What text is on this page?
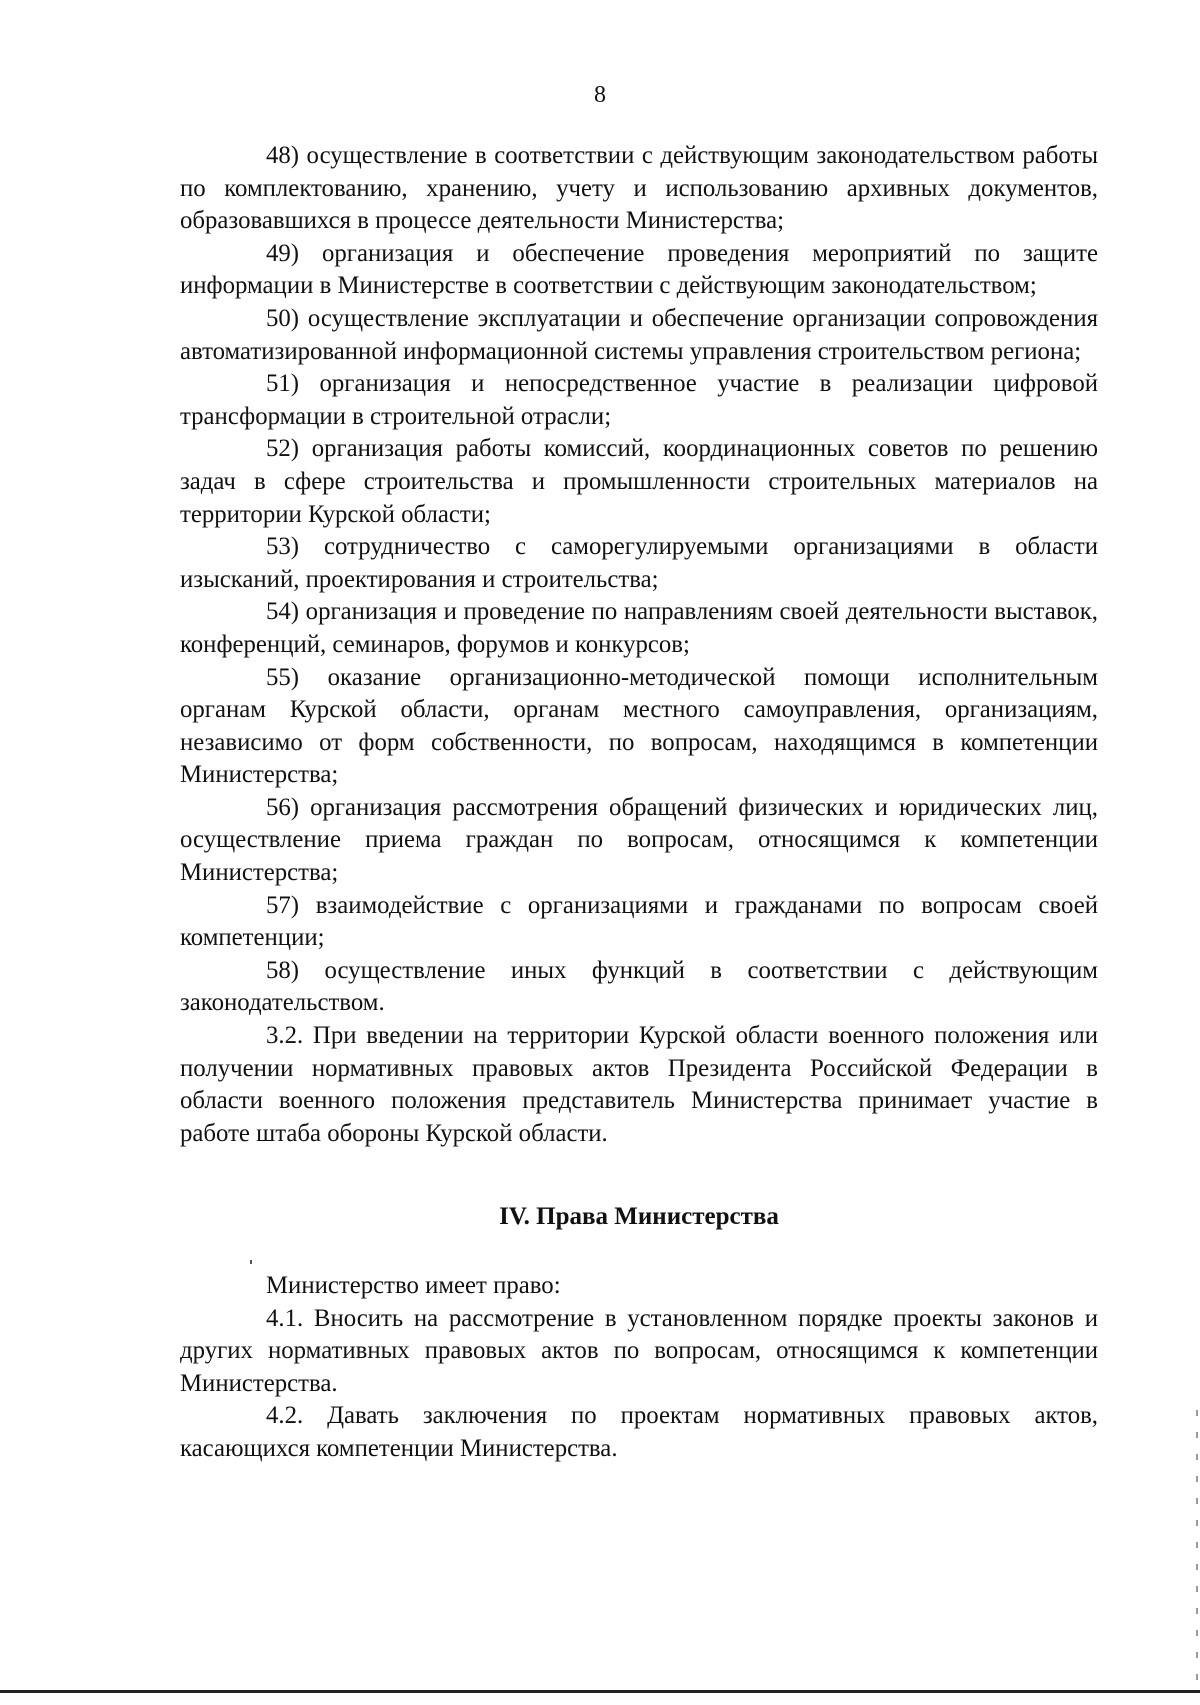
8

48) осуществление в соответствии с действующим законодательством работы по комплектованию, хранению, учету и использованию архивных документов, образовавшихся в процессе деятельности Министерства;

49) организация и обеспечение проведения мероприятий по защите информации в Министерстве в соответствии с действующим законодательством;

50) осуществление эксплуатации и обеспечение организации сопровождения автоматизированной информационной системы управления строительством региона;

51) организация и непосредственное участие в реализации цифровой трансформации в строительной отрасли;

52) организация работы комиссий, координационных советов по решению задач в сфере строительства и промышленности строительных материалов на территории Курской области;

53) сотрудничество с саморегулируемыми организациями в области изысканий, проектирования и строительства;

54) организация и проведение по направлениям своей деятельности выставок, конференций, семинаров, форумов и конкурсов;

55) оказание организационно-методической помощи исполнительным органам Курской области, органам местного самоуправления, организациям, независимо от форм собственности, по вопросам, находящимся в компетенции Министерства;

56) организация рассмотрения обращений физических и юридических лиц, осуществление приема граждан по вопросам, относящимся к компетенции Министерства;

57) взаимодействие с организациями и гражданами по вопросам своей компетенции;

58) осуществление иных функций в соответствии с действующим законодательством.

3.2. При введении на территории Курской области военного положения или получении нормативных правовых актов Президента Российской Федерации в области военного положения представитель Министерства принимает участие в работе штаба обороны Курской области.

IV. Права Министерства

Министерство имеет право:

4.1. Вносить на рассмотрение в установленном порядке проекты законов и других нормативных правовых актов по вопросам, относящимся к компетенции Министерства.

4.2. Давать заключения по проектам нормативных правовых актов, касающихся компетенции Министерства.
